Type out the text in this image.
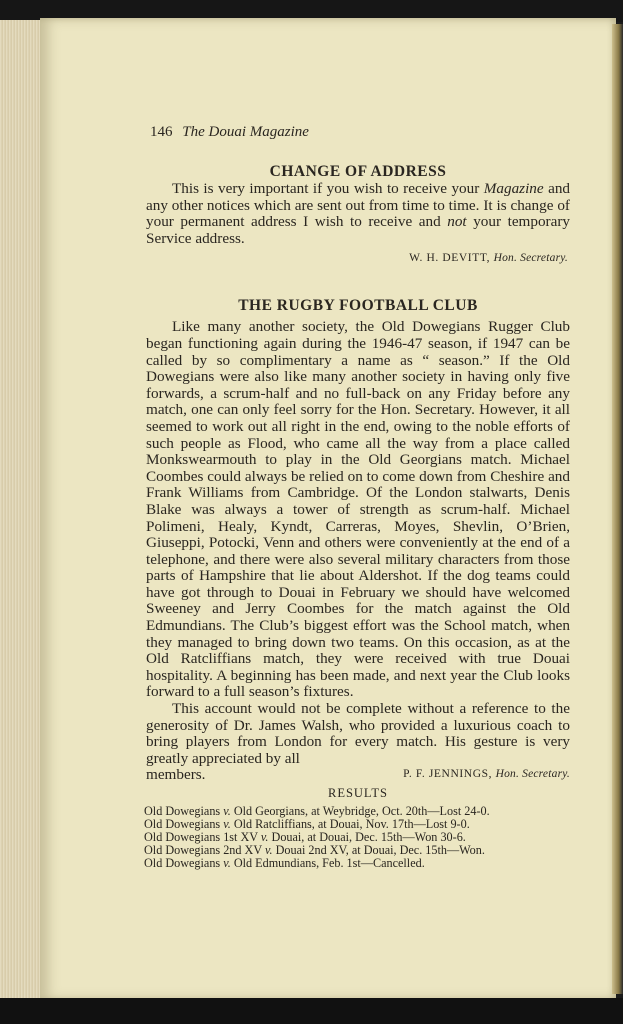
146 The Douai Magazine
CHANGE OF ADDRESS

This is very important if you wish to receive your Magazine and any other notices which are sent out from time to time. It is change of your permanent address I wish to receive and not your temporary Service address.

W. H. DEVITT, Hon. Secretary.
THE RUGBY FOOTBALL CLUB

Like many another society, the Old Dowegians Rugger Club began functioning again during the 1946-47 season, if 1947 can be called by so complimentary a name as “ season.” If the Old Dowegians were also like many another society in having only five forwards, a scrum-half and no full-back on any Friday before any match, one can only feel sorry for the Hon. Secretary. However, it all seemed to work out all right in the end, owing to the noble efforts of such people as Flood, who came all the way from a place called Monkswearmouth to play in the Old Georgians match. Michael Coombes could always be relied on to come down from Cheshire and Frank Williams from Cambridge. Of the London stalwarts, Denis Blake was always a tower of strength as scrum-half. Michael Polimeni, Healy, Kyndt, Carreras, Moyes, Shevlin, O’Brien, Giuseppi, Potocki, Venn and others were conveniently at the end of a telephone, and there were also several military characters from those parts of Hampshire that lie about Aldershot. If the dog teams could have got through to Douai in February we should have welcomed Sweeney and Jerry Coombes for the match against the Old Edmundians. The Club’s biggest effort was the School match, when they managed to bring down two teams. On this occasion, as at the Old Ratcliffians match, they were received with true Douai hospitality. A beginning has been made, and next year the Club looks forward to a full season’s fixtures.

This account would not be complete without a reference to the generosity of Dr. James Walsh, who provided a luxurious coach to bring players from London for every match. His gesture is very greatly appreciated by all

members.	P. F. JENNINGS, Hon. Secretary.
RESULTS
Old Dowegians v. Old Georgians, at Weybridge, Oct. 20th—Lost 24-0.
Old Dowegians v. Old Ratcliffians, at Douai, Nov. 17th—Lost 9-0.
Old Dowegians 1st XV v. Douai, at Douai, Dec. 15th—Won 30-6.
Old Dowegians 2nd XV v. Douai 2nd XV, at Douai, Dec. 15th—Won.
Old Dowegians v. Old Edmundians, Feb. 1st—Cancelled.
